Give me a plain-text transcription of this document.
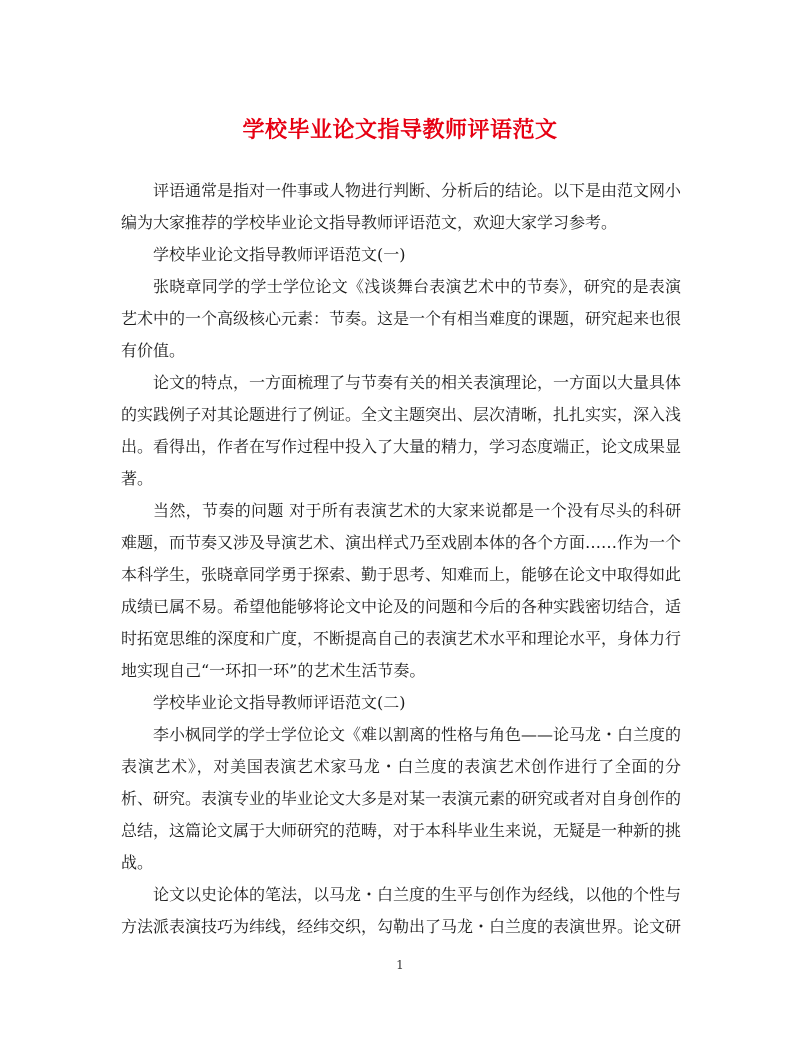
学校毕业论文指导教师评语范文

评语通常是指对一件事或人物进行判断、分析后的结论。以下是由范文网小编为大家推荐的学校毕业论文指导教师评语范文，欢迎大家学习参考。

学校毕业论文指导教师评语范文(一)

张晓章同学的学士学位论文《浅谈舞台表演艺术中的节奏》，研究的是表演艺术中的一个高级核心元素：节奏。这是一个有相当难度的课题，研究起来也很有价值。

论文的特点，一方面梳理了与节奏有关的相关表演理论，一方面以大量具体的实践例子对其论题进行了例证。全文主题突出、层次清晰，扎扎实实，深入浅出。看得出，作者在写作过程中投入了大量的精力，学习态度端正，论文成果显著。

当然，节奏的问题 对于所有表演艺术的大家来说都是一个没有尽头的科研难题，而节奏又涉及导演艺术、演出样式乃至戏剧本体的各个方面……作为一个本科学生，张晓章同学勇于探索、勤于思考、知难而上，能够在论文中取得如此成绩已属不易。希望他能够将论文中论及的问题和今后的各种实践密切结合，适时拓宽思维的深度和广度，不断提高自己的表演艺术水平和理论水平，身体力行地实现自己“一环扣一环”的艺术生活节奏。

学校毕业论文指导教师评语范文(二)

李小枫同学的学士学位论文《难以割离的性格与角色——论马龙・白兰度的表演艺术》，对美国表演艺术家马龙・白兰度的表演艺术创作进行了全面的分析、研究。表演专业的毕业论文大多是对某一表演元素的研究或者对自身创作的总结，这篇论文属于大师研究的范畴，对于本科毕业生来说，无疑是一种新的挑战。

论文以史论体的笔法，以马龙・白兰度的生平与创作为经线，以他的个性与方法派表演技巧为纬线，经纬交织，勾勒出了马龙・白兰度的表演世界。论文研

1
